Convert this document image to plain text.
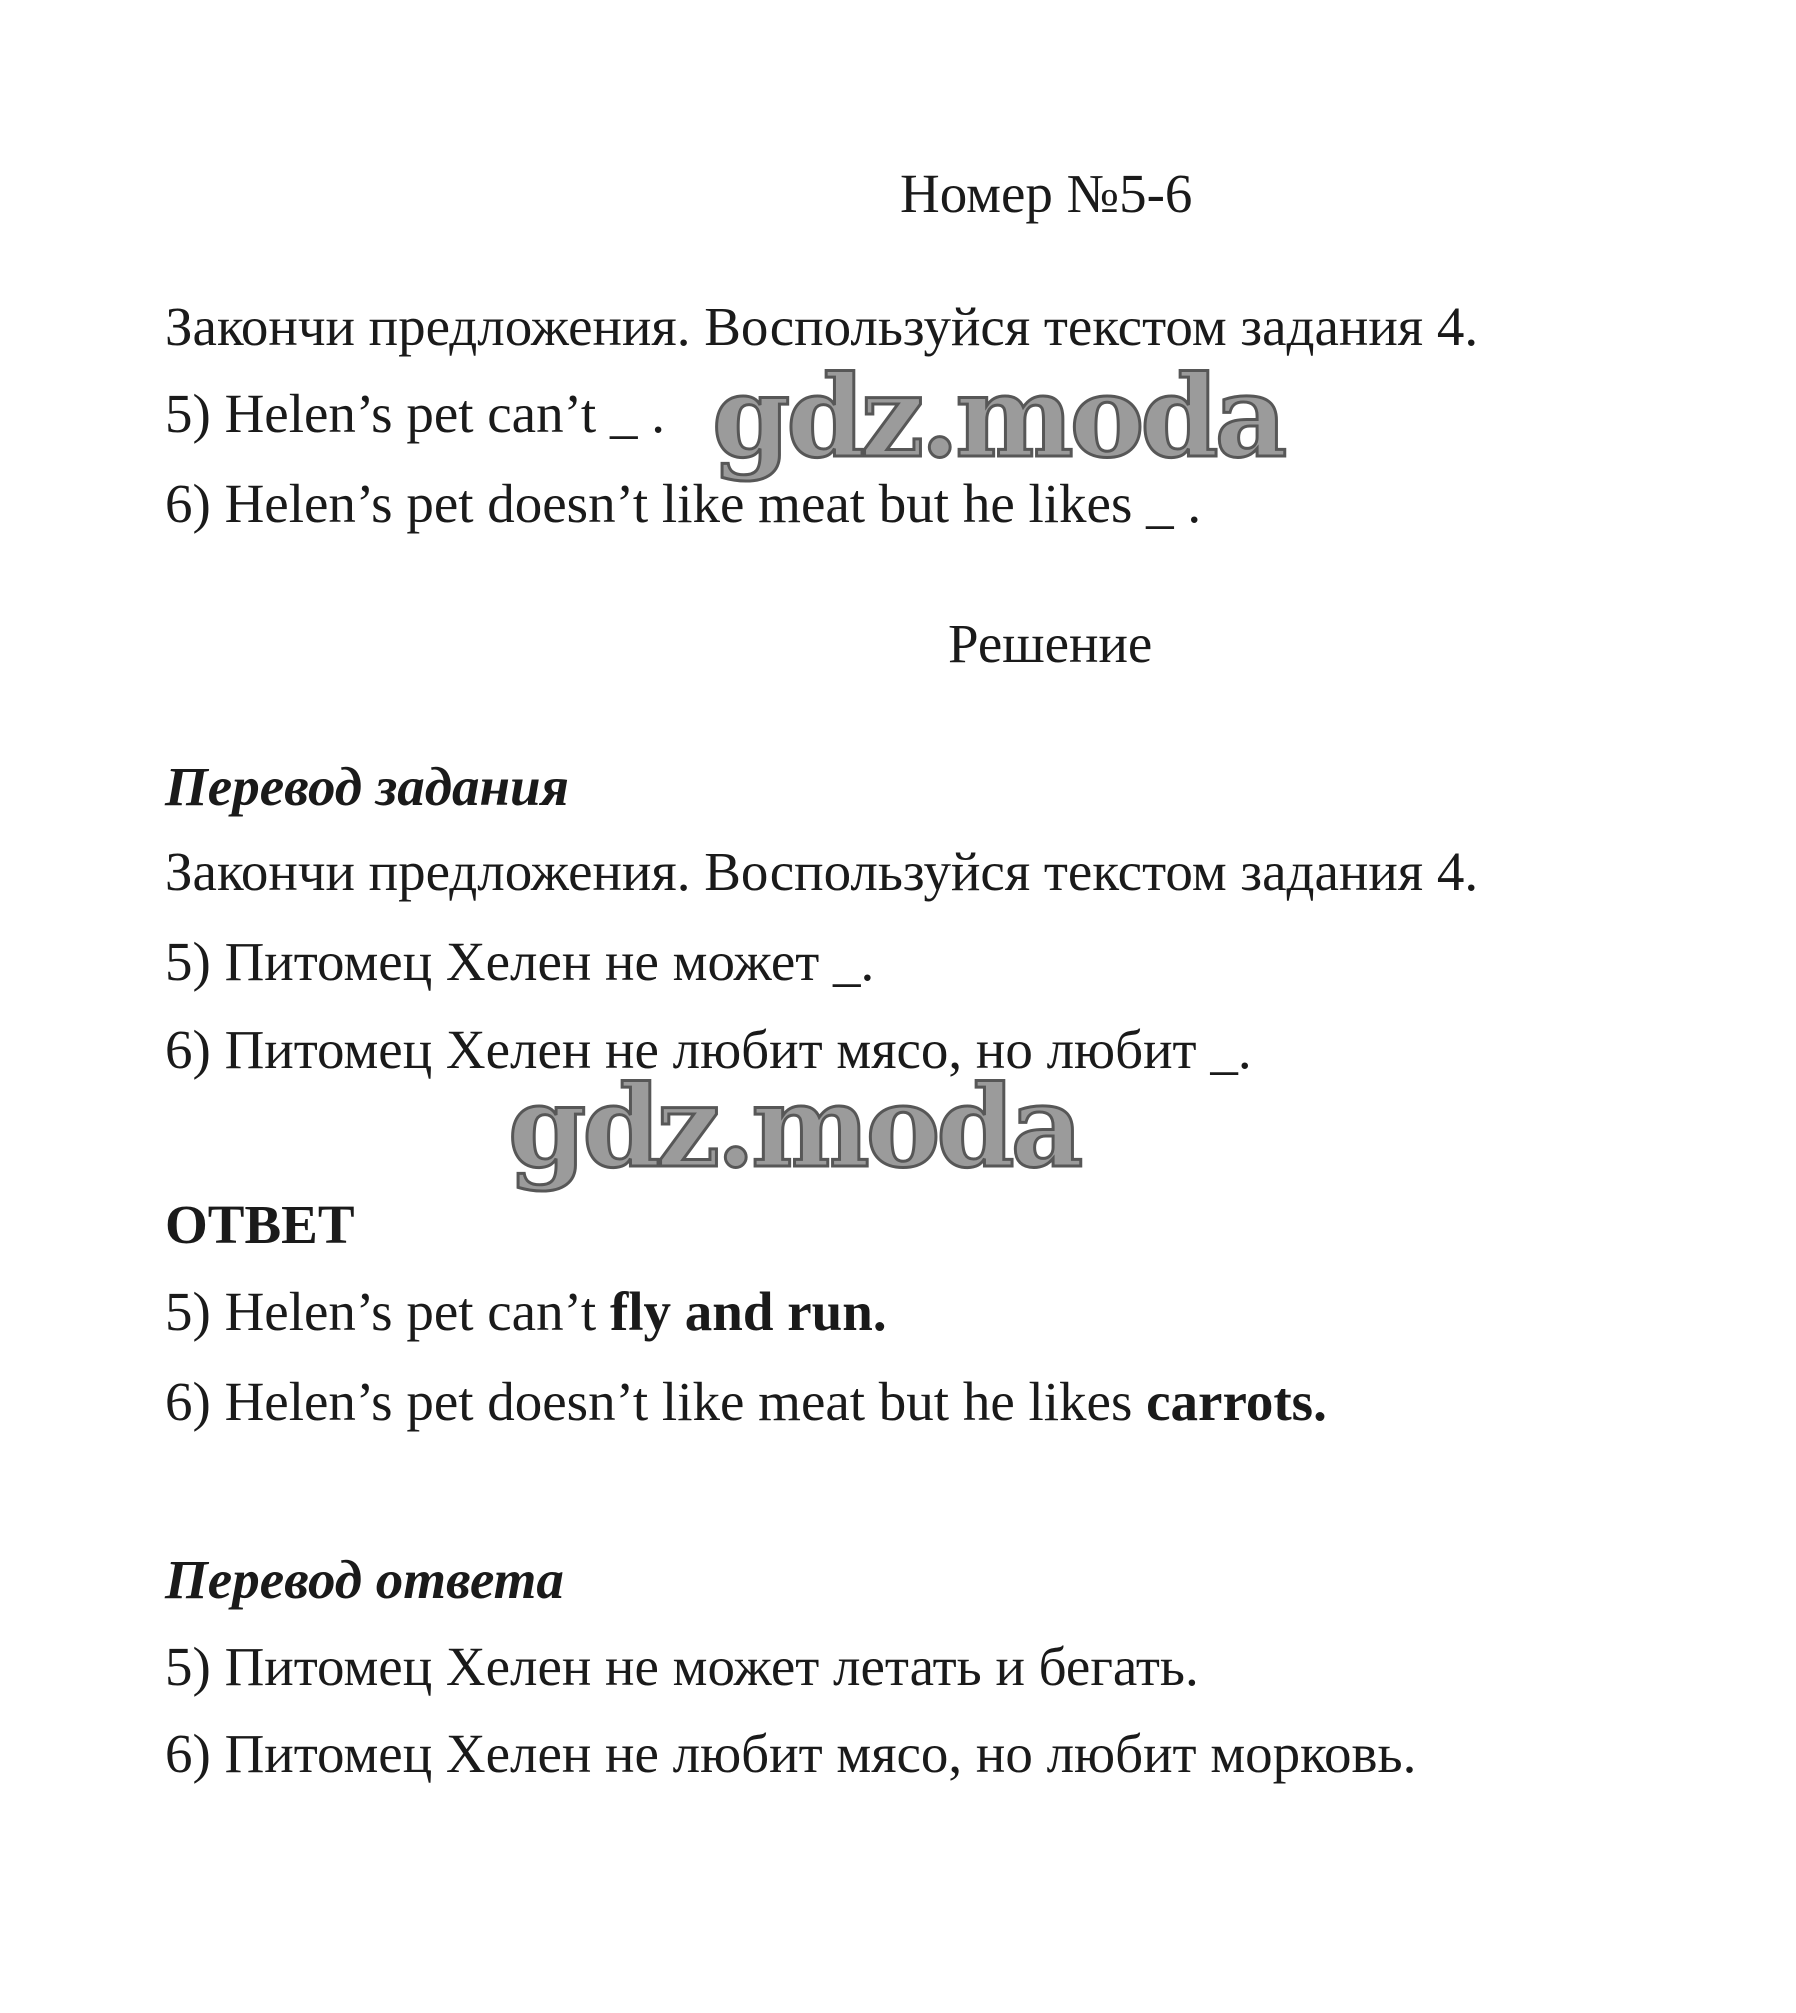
Номер №5-6
Закончи предложения. Воспользуйся текстом задания 4.
5) Helen’s pet can’t _ .
6) Helen’s pet doesn’t like meat but he likes _ .
Решение
Перевод задания
Закончи предложения. Воспользуйся текстом задания 4.
5) Питомец Хелен не может _.
6) Питомец Хелен не любит мясо, но любит _.
ОТВЕТ
5) Helen’s pet can’t fly and run.
6) Helen’s pet doesn’t like meat but he likes carrots.
Перевод ответа
5) Питомец Хелен не может летать и бегать.
6) Питомец Хелен не любит мясо, но любит морковь.
gdz.moda
gdz.moda
